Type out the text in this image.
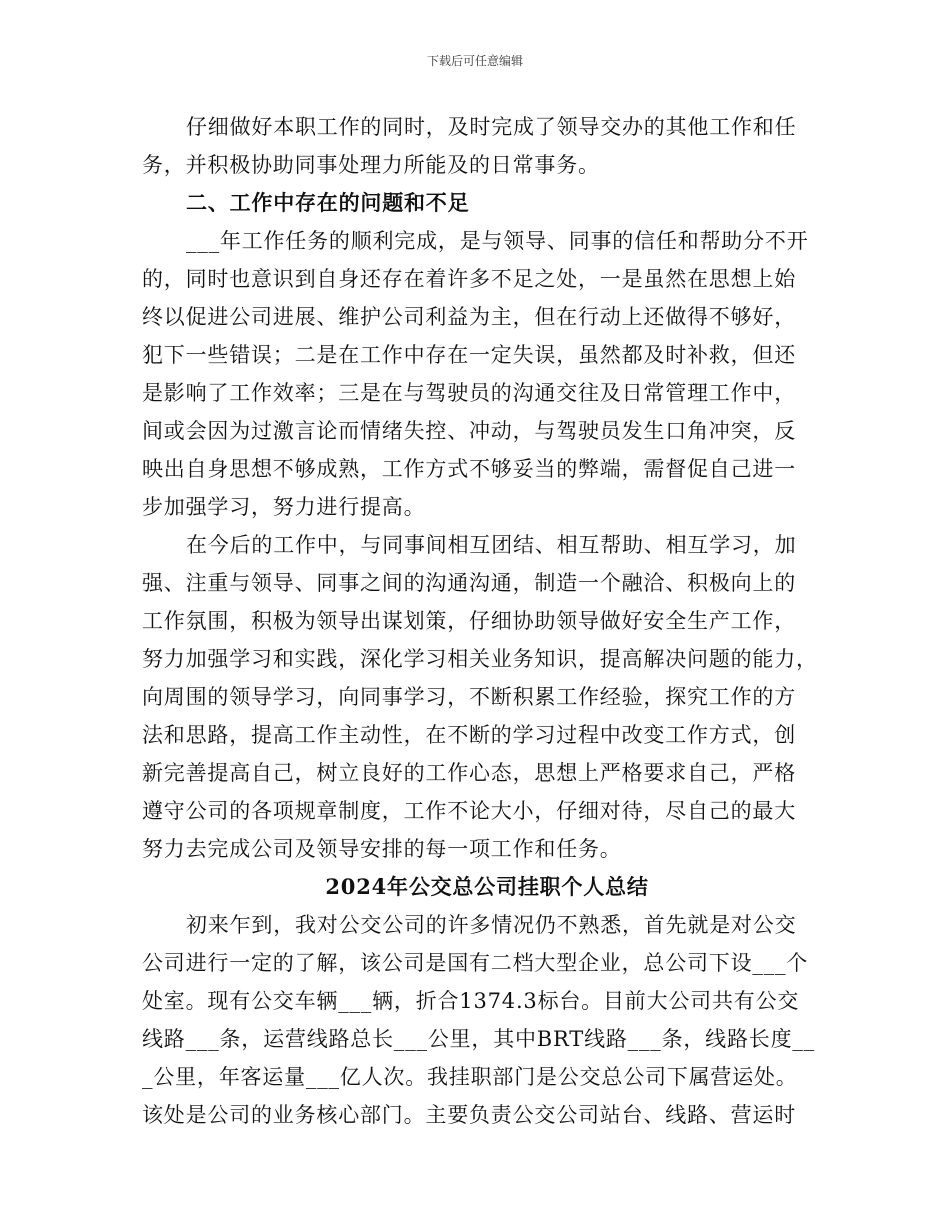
下载后可任意编辑
仔细做好本职工作的同时，及时完成了领导交办的其他工作和任
务，并积极协助同事处理力所能及的日常事务。
二、工作中存在的问题和不足
___年工作任务的顺利完成，是与领导、同事的信任和帮助分不开
的，同时也意识到自身还存在着许多不足之处，一是虽然在思想上始
终以促进公司进展、维护公司利益为主，但在行动上还做得不够好，
犯下一些错误；二是在工作中存在一定失误，虽然都及时补救，但还
是影响了工作效率；三是在与驾驶员的沟通交往及日常管理工作中，
间或会因为过激言论而情绪失控、冲动，与驾驶员发生口角冲突，反
映出自身思想不够成熟，工作方式不够妥当的弊端，需督促自己进一
步加强学习，努力进行提高。
在今后的工作中，与同事间相互团结、相互帮助、相互学习，加
强、注重与领导、同事之间的沟通沟通，制造一个融洽、积极向上的
工作氛围，积极为领导出谋划策，仔细协助领导做好安全生产工作，
努力加强学习和实践，深化学习相关业务知识，提高解决问题的能力，
向周围的领导学习，向同事学习，不断积累工作经验，探究工作的方
法和思路，提高工作主动性，在不断的学习过程中改变工作方式，创
新完善提高自己，树立良好的工作心态，思想上严格要求自己，严格
遵守公司的各项规章制度，工作不论大小，仔细对待，尽自己的最大
努力去完成公司及领导安排的每一项工作和任务。
2024年公交总公司挂职个人总结
初来乍到，我对公交公司的许多情况仍不熟悉，首先就是对公交
公司进行一定的了解，该公司是国有二档大型企业，总公司下设___个
处室。现有公交车辆___辆，折合1374.3标台。目前大公司共有公交
线路___条，运营线路总长___公里，其中BRT线路___条，线路长度__
_公里，年客运量___亿人次。我挂职部门是公交总公司下属营运处。
该处是公司的业务核心部门。主要负责公交公司站台、线路、营运时
